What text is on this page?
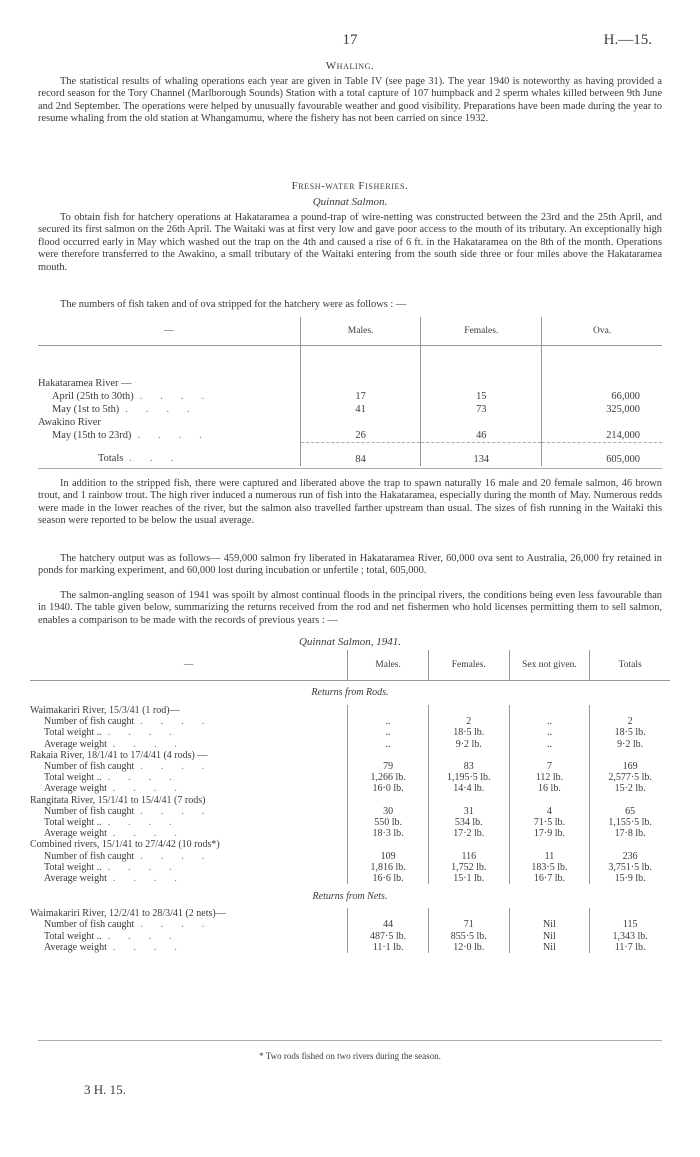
17	H.—15.
Whaling.

The statistical results of whaling operations each year are given in Table IV (see page 31). The year 1940 is noteworthy as having provided a record season for the Tory Channel (Marlborough Sounds) Station with a total capture of 107 humpback and 2 sperm whales killed between 9th June and 2nd September. The operations were helped by unusually favourable weather and good visibility. Preparations have been made during the year to resume whaling from the old station at Whangamumu, where the fishery has not been carried on since 1932.

Fresh-water Fisheries.
Quinnat Salmon.

To obtain fish for hatchery operations at Hakataramea a pound-trap of wire-netting was constructed between the 23rd and the 25th April, and secured its first salmon on the 26th April. The Waitaki was at first very low and gave poor access to the mouth of its tributary. An exceptionally high flood occurred early in May which washed out the trap on the 4th and caused a rise of 6 ft. in the Hakataramea on the 8th of the month. Operations were therefore transferred to the Awakino, a small tributary of the Waitaki entering from the south side three or four miles above the Hakataramea mouth.

The numbers of fish taken and of ova stripped for the hatchery were as follows : —

—	Males.	Females.	Ova.
Hakataramea River —			
April (25th to 30th) ....	17	15	66,000
May (1st to 5th) ....	41	73	325,000
Awakino River			
May (15th to 23rd) ....	26	46	214,000
Totals ...	84	134	605,000

In addition to the stripped fish, there were captured and liberated above the trap to spawn naturally 16 male and 20 female salmon, 46 brown trout, and 1 rainbow trout. The high river induced a numerous run of fish into the Hakataramea, especially during the month of May. Numerous redds were made in the lower reaches of the river, but the salmon also travelled farther upstream than usual. The sizes of fish running in the Waitaki this season were reported to be below the usual average.

The hatchery output was as follows— 459,000 salmon fry liberated in Hakataramea River, 60,000 ova sent to Australia, 26,000 fry retained in ponds for marking experiment, and 60,000 lost during incubation or unfertile ; total, 605,000.

The salmon-angling season of 1941 was spoilt by almost continual floods in the principal rivers, the conditions being even less favourable than in 1940. The table given below, summarizing the returns received from the rod and net fishermen who hold licenses permitting them to sell salmon, enables a comparison to be made with the records of previous years : —

Quinnat Salmon, 1941.
—	Males.	Females.	Sex not given.	Totals
Returns from Rods.				
Waimakariri River, 15/3/41 (1 rod)—				
Number of fish caught ....	..	2	..	2
Total weight .. ....	..	18·5 lb.	..	18·5 lb.
Average weight ....	..	9·2 lb.	..	9·2 lb.
Rakaia River, 18/1/41 to 17/4/41 (4 rods) —				
Number of fish caught ....	79	83	7	169
Total weight .. ....	1,266 lb.	1,195·5 lb.	112 lb.	2,577·5 lb.
Average weight ....	16·0 lb.	14·4 lb.	16 lb.	15·2 lb.
Rangitata River, 15/1/41 to 15/4/41 (7 rods)				
Number of fish caught ....	30	31	4	65
Total weight .. ....	550 lb.	534 lb.	71·5 lb.	1,155·5 lb.
Average weight ....	18·3 lb.	17·2 lb.	17·9 lb.	17·8 lb.
Combined rivers, 15/1/41 to 27/4/42 (10 rods*)				
Number of fish caught ....	109	116	11	236
Total weight .. ....	1,816 lb.	1,752 lb.	183·5 lb.	3,751·5 lb.
Average weight ....	16·6 lb.	15·1 lb.	16·7 lb.	15·9 lb.
Returns from Nets.				
Waimakariri River, 12/2/41 to 28/3/41 (2 nets)—				
Number of fish caught ....	44	71	Nil	115
Total weight .. ....	487·5 lb.	855·5 lb.	Nil	1,343 lb.
Average weight ....	11·1 lb.	12·0 lb.	Nil	11·7 lb.
* Two rods fished on two rivers during the season.
3 H. 15.
